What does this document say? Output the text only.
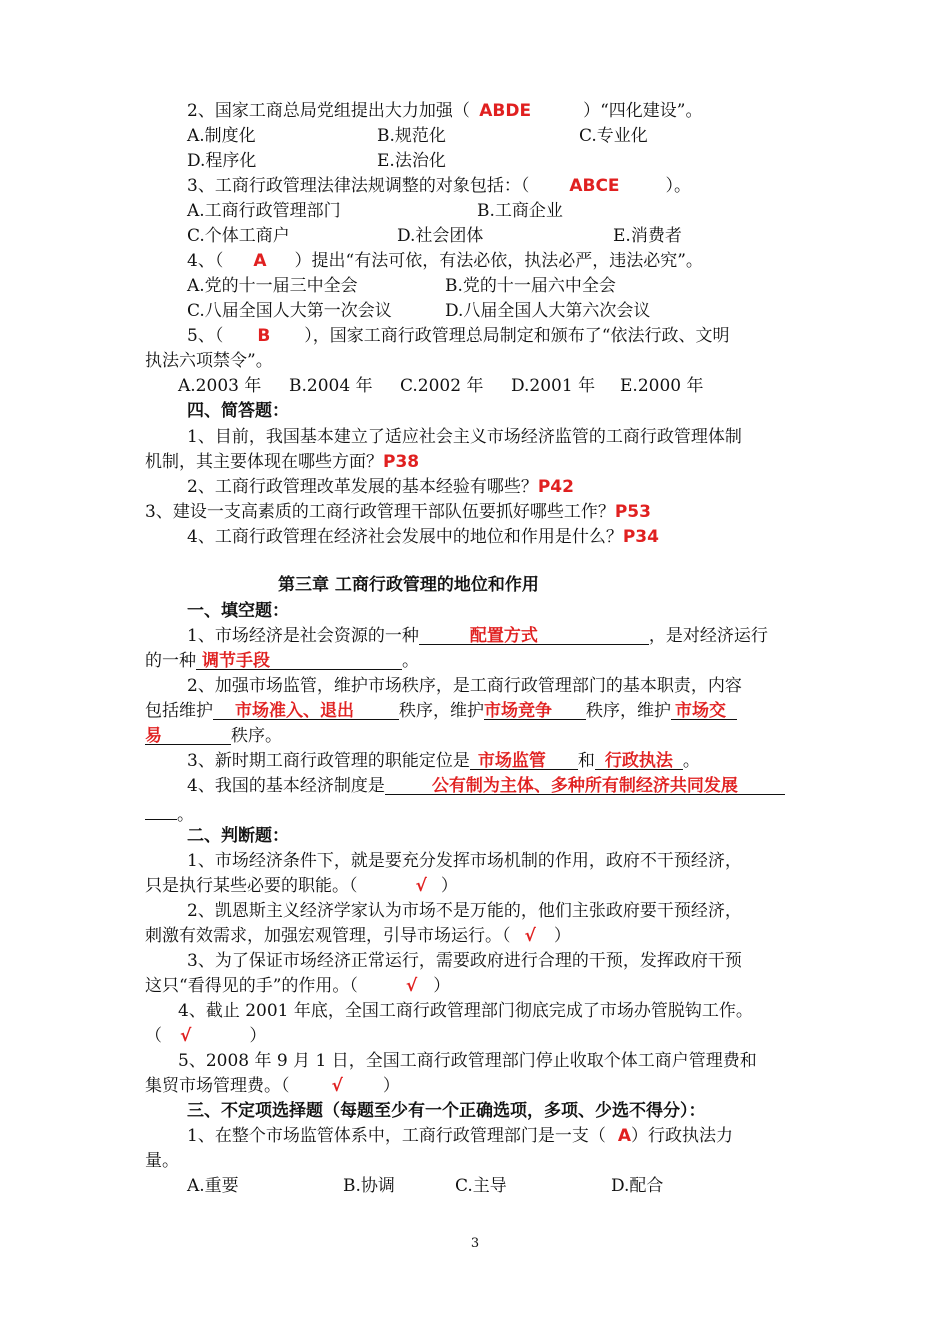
2、国家工商总局党组提出大力加强（ ABDE	）“四化建设”。
A.制度化	B.规范化	C.专业化
D.程序化	E.法治化
3、工商行政管理法律法规调整的对象包括：（ ABCE	）。
A.工商行政管理部门	B.工商企业
C.个体工商户	D.社会团体	E.消费者
4、（ A ）提出“有法可依，有法必依，执法必严，违法必究”。
A.党的十一届三中全会	B.党的十一届六中全会
C.八届全国人大第一次会议	D.八届全国人大第六次会议
5、（ B ），国家工商行政管理总局制定和颁布了“依法行政、文明
执法六项禁令”。
A.2003 年 B.2004 年 C.2002 年 D.2001 年 E.2000 年
四、简答题：
1、目前，我国基本建立了适应社会主义市场经济监管的工商行政管理体制
机制，其主要体现在哪些方面？P38
2、工商行政管理改革发展的基本经验有哪些？P42
3、建设一支高素质的工商行政管理干部队伍要抓好哪些工作？P53
4、工商行政管理在经济社会发展中的地位和作用是什么？P34
第三章 工商行政管理的地位和作用
一、填空题：
1、市场经济是社会资源的一种	配置方式	，是对经济运行
的一种 调节手段	。
2、加强市场监管，维护市场秩序，是工商行政管理部门的基本职责，内容
包括维护 市场准入、退出	秩序，维护市场竞争 秩序，维护 市场交
易	秩序。
3、新时期工商行政管理的职能定位是 市场监管 和 行政执法 。
4、我国的基本经济制度是	公有制为主体、多种所有制经济共同发展
。
二、判断题：
1、市场经济条件下，就是要充分发挥市场机制的作用，政府不干预经济，
只是执行某些必要的职能。（	√ ）
2、凯恩斯主义经济学家认为市场不是万能的，他们主张政府要干预经济，
刺激有效需求，加强宏观管理，引导市场运行。（ √ ）
3、为了保证市场经济正常运行，需要政府进行合理的干预，发挥政府干预
这只“看得见的手”的作用。（	√ ）
4、截止 2001 年底，全国工商行政管理部门彻底完成了市场办管脱钩工作。
（ √	）
5、2008 年 9 月 1 日，全国工商行政管理部门停止收取个体工商户管理费和
集贸市场管理费。（ √ ）
三、不定项选择题（每题至少有一个正确选项，多项、少选不得分）：
1、在整个市场监管体系中，工商行政管理部门是一支（ A）行政执法力
量。
A.重要	B.协调	C.主导	D.配合
3
